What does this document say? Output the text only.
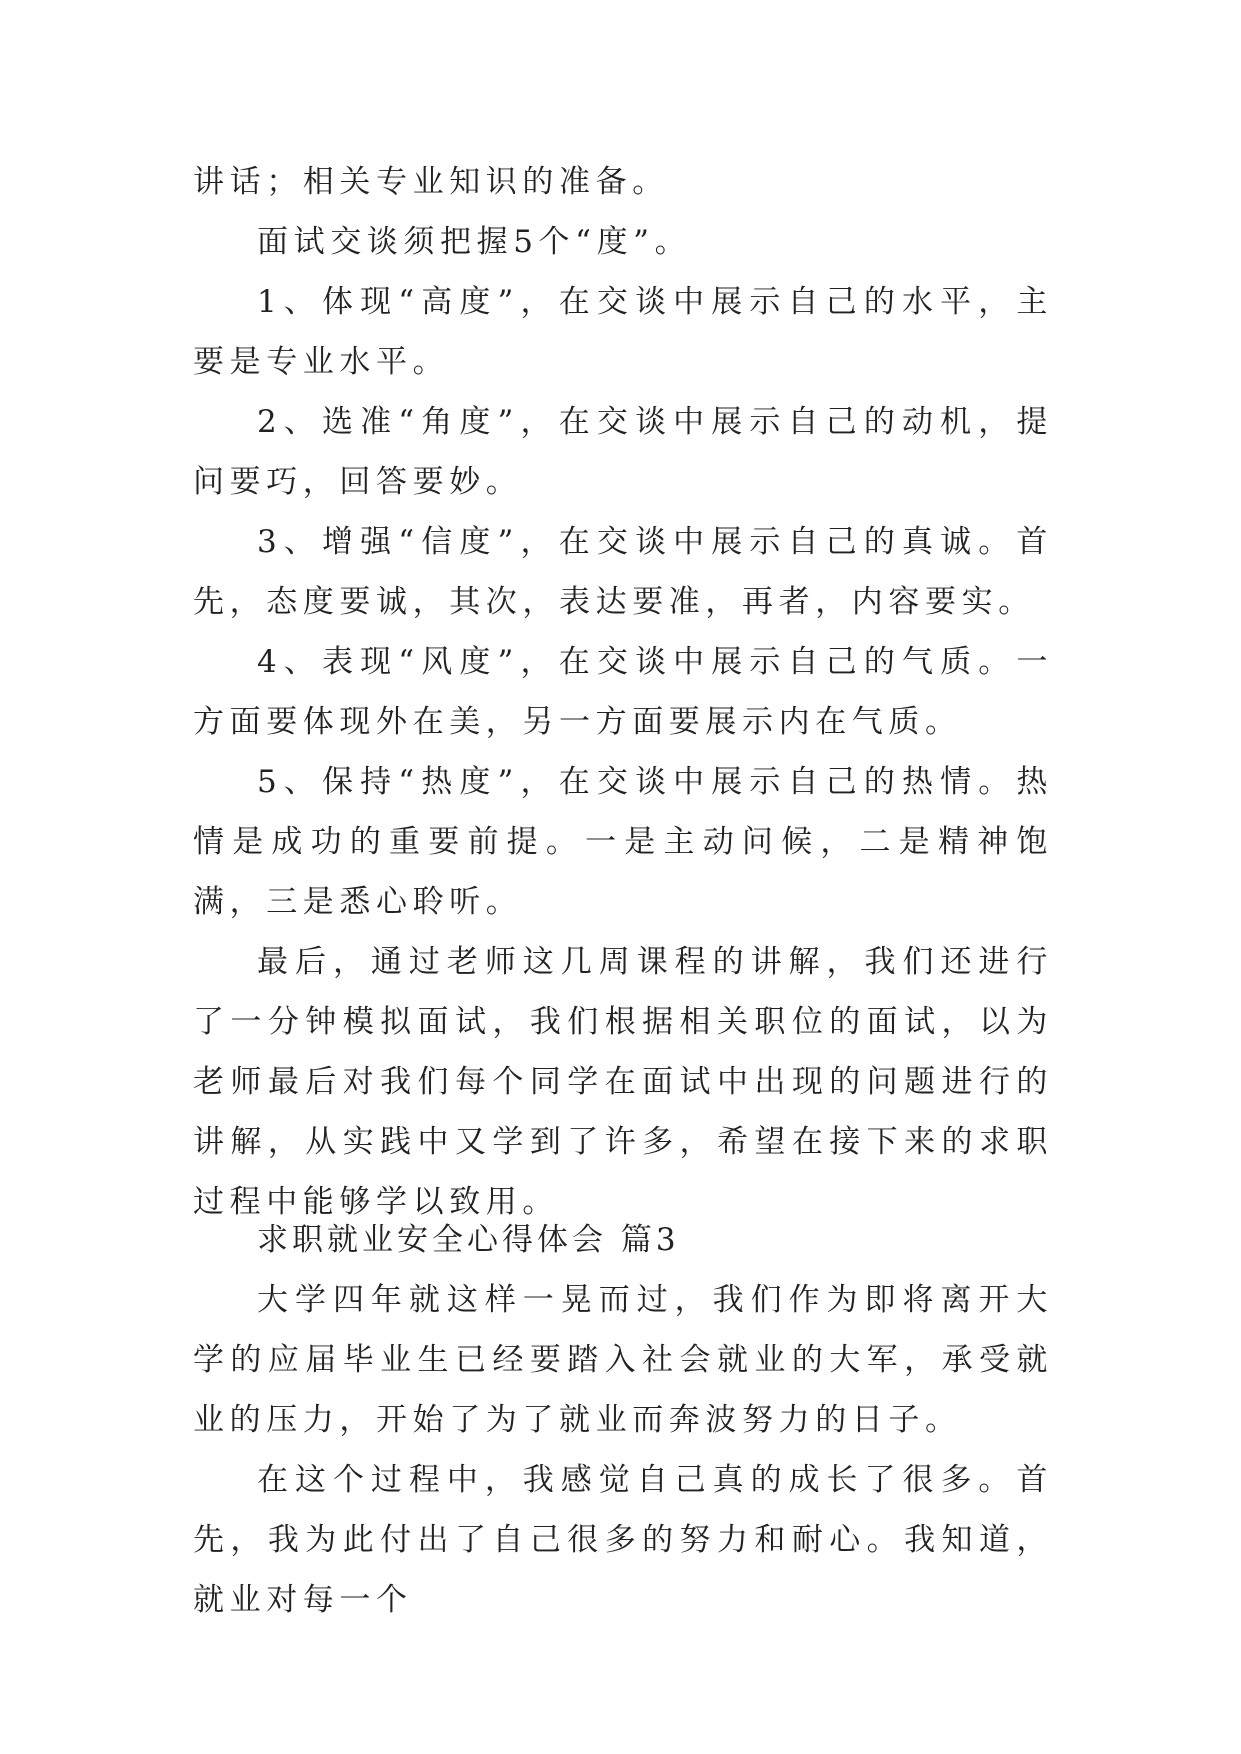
讲话；相关专业知识的准备。

面试交谈须把握5个“度”。

1、体现“高度”，在交谈中展示自己的水平，主要是专业水平。

2、选准“角度”，在交谈中展示自己的动机，提问要巧，回答要妙。

3、增强“信度”，在交谈中展示自己的真诚。首先，态度要诚，其次，表达要准，再者，内容要实。

4、表现“风度”，在交谈中展示自己的气质。一方面要体现外在美，另一方面要展示内在气质。

5、保持“热度”，在交谈中展示自己的热情。热情是成功的重要前提。一是主动问候，二是精神饱满，三是悉心聆听。

最后，通过老师这几周课程的讲解，我们还进行了一分钟模拟面试，我们根据相关职位的面试，以为老师最后对我们每个同学在面试中出现的问题进行的讲解，从实践中又学到了许多，希望在接下来的求职过程中能够学以致用。

求职就业安全心得体会 篇3

大学四年就这样一晃而过，我们作为即将离开大学的应届毕业生已经要踏入社会就业的大军，承受就业的压力，开始了为了就业而奔波努力的日子。

在这个过程中，我感觉自己真的成长了很多。首先，我为此付出了自己很多的努力和耐心。我知道，就业对每一个
